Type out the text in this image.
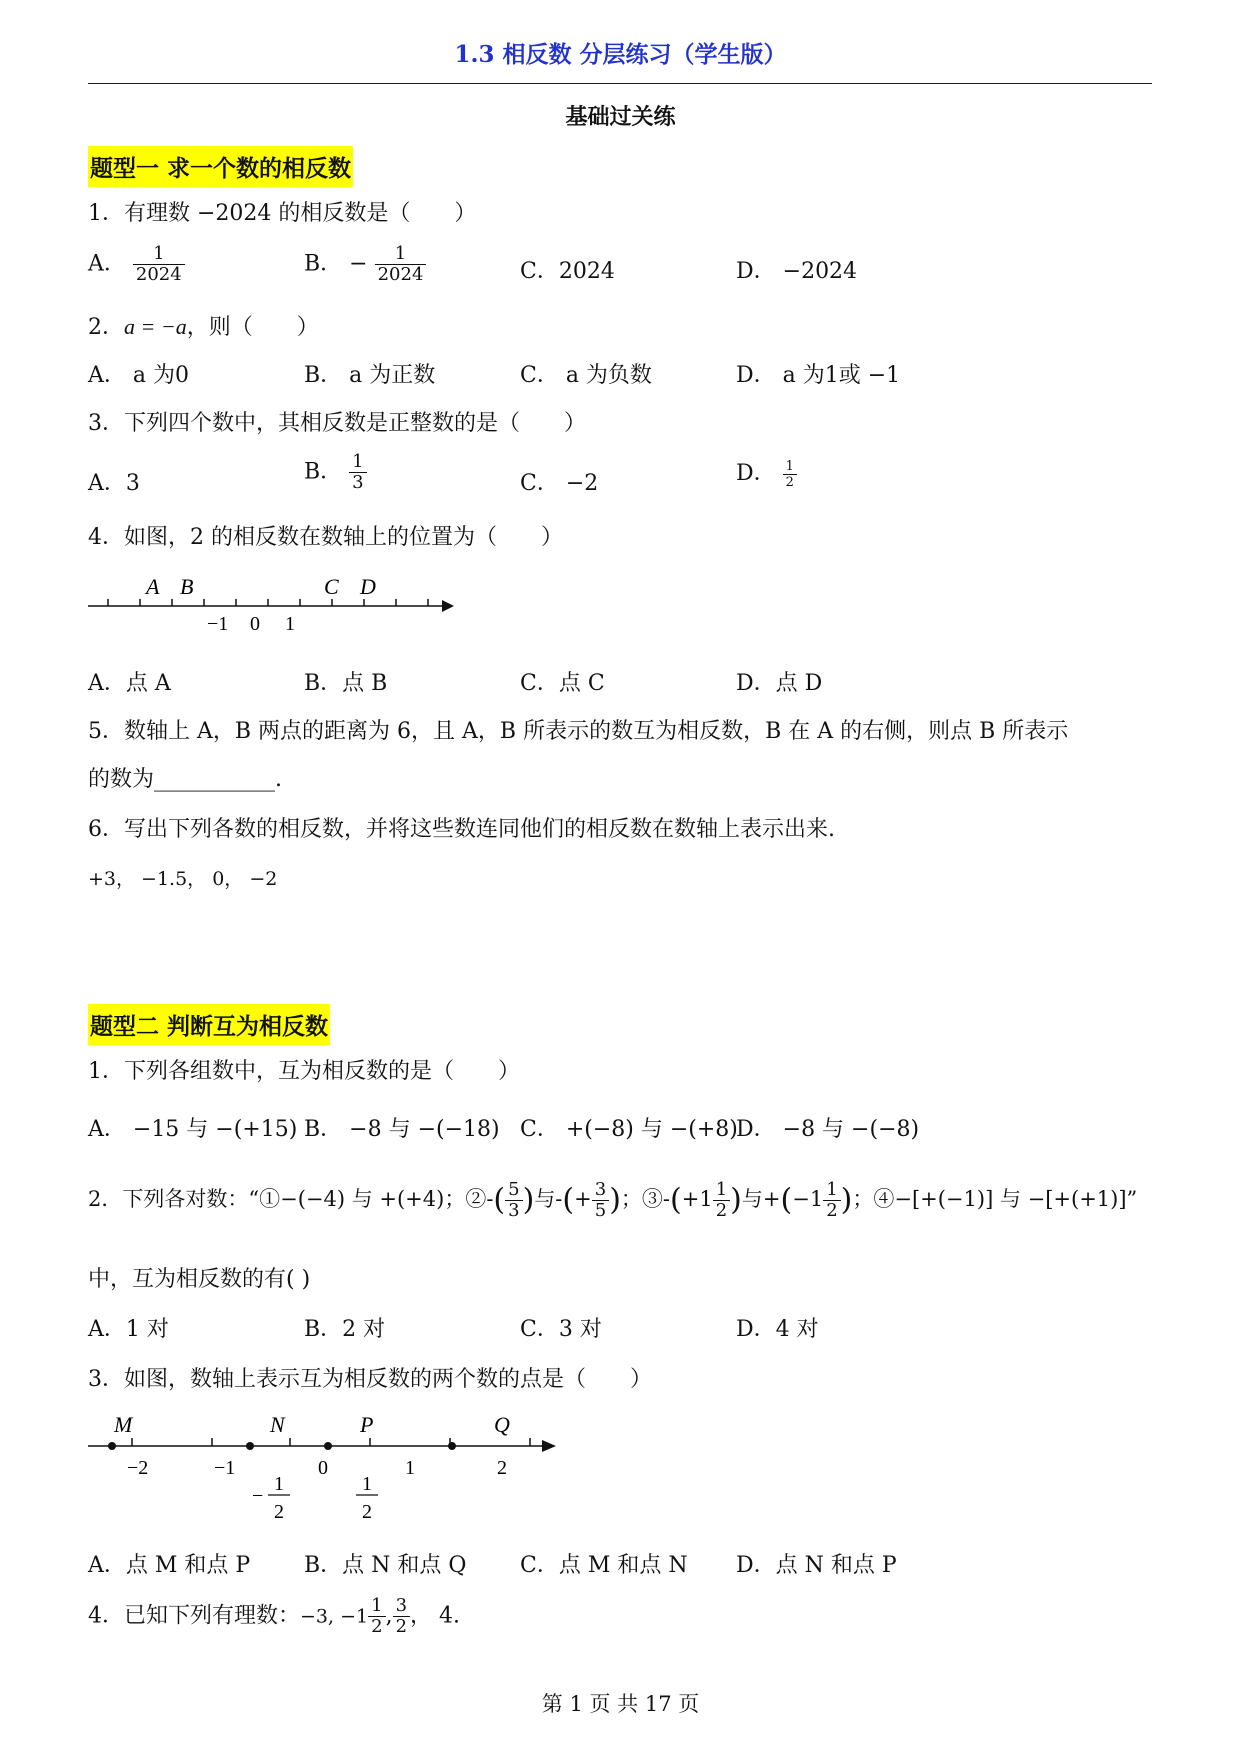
1.3 相反数 分层练习（学生版）
基础过关练
题型一 求一个数的相反数
1．有理数 −2024 的相反数是（　　）
A． $\frac{1}{2024}$	B． − $\frac{1}{2024}$	C．2024	D． −2024
2．a = −a，则（　　）
A． a 为0	B． a 为正数	C． a 为负数	D． a 为1或 −1
3．下列四个数中，其相反数是正整数的是（　　）
A．3	B． $\frac{1}{3}$	C． −2	D． $\frac{1}{2}$
4．如图，2 的相反数在数轴上的位置为（　　）
A B	C D
−1 0 1
A．点 A	B．点 B	C．点 C	D．点 D
5．数轴上 A，B 两点的距离为 6，且 A，B 所表示的数互为相反数，B 在 A 的右侧，则点 B 所表示
的数为___________.
6．写出下列各数的相反数，并将这些数连同他们的相反数在数轴上表示出来.
+3， −1.5， 0， −2
题型二 判断互为相反数
1．下列各组数中，互为相反数的是（　　）
A． −15 与 −(+15) B． −8 与 −(−18) C． +(−8) 与 −(+8)
D． −8 与 −(−8)
2．下列各对数：“①−(−4) 与 +(+4)；②-( $\frac{5}{3}$ )与-(+ $\frac{3}{5}$ )；③-(+1 $\frac{1}{2}$ )与$+(-1 \frac{1}{2}$ )；④−[+(−1)] 与 −[+(+1)]”
中，互为相反数的有( )
A．1 对	B．2 对	C．3 对	D．4 对
3．如图，数轴上表示互为相反数的两个数的点是（　　）
M	N	P	Q
−2	−1	0	1	2
−
1
2
1
2
A．点 M 和点 P B．点 N 和点 Q C．点 M 和点 N D．点 N 和点 P
4．已知下列有理数：−3, $-1 \frac{1}{2}$ , $\frac{3}{2}$ ， 4.
第 1 页 共 17 页
